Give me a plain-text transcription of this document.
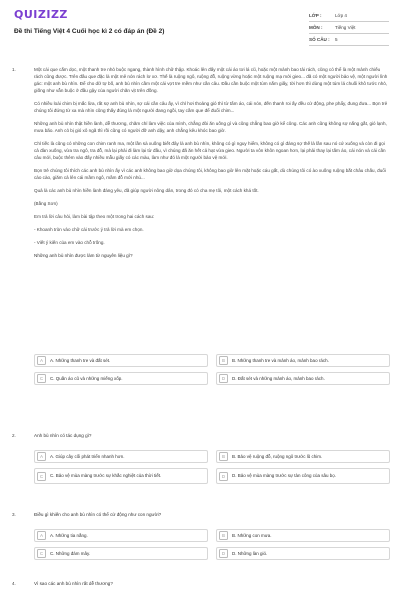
QUIZIZZ
Đề thi Tiếng Việt 4 Cuối học kì 2 có đáp án (Đề 2)
LỚP :	Lớp 4
MÔN :	Tiếng Việt
SỐ CÂU :	5
1.	Một cái que cắm dọc, một thanh tre nhỏ buộc ngang, thành hình chữ thập. Khoác lên đấy một cái áo tơi lá cũ, hoặc một mảnh bao tải rách, cũng có thể là một mảnh chiếu rách cũng được. Trên đầu que đặc là một mê nón rách lơ xơ. Thế là ruộng ngô, ruộng đỗ, ruộng vừng hoặc một ruộng mạ mới gieo... đã có một người bảo vệ, một người lính gác: một anh bù nhìn. Để cho dữ tợ bố, anh bù nhìn cầm một cái vợt tre mềm như cần câu. Đầu cần buộc một túm nắm giấy, tời hơn thì dùng một túm lá chuối khô tước nhỏ, giống như vẫn buộc ở đầu gậy của người chăn vịt trên đồng.

Có nhiều loài chim bị mắc lừa, rất sợ anh bù nhìn, sợ cái cần câu ấy, vì chỉ hơi thoảng gió thì từ tấm áo, cái nón, đến thanh roi ấy đều cử động, phe phẩy, đung đưa... Bọn trẻ chúng tôi đứng từ xa mà nhìn cũng thấy đúng là một người đang ngồi, tay cầm que để đuổi chim...

Những anh bù nhìn thật hiền lành, dễ thương, chăm chỉ làm việc của mình, chẳng đòi ăn uống gì và cũng chẳng bao giờ kể công. Các anh cũng không sợ nắng gắt, gió lạnh, mưa bão. Anh cỏ bị gió xô ngã thì rồi cũng có người đỡ anh dậy, anh chẳng kêu khóc bao giờ.

Chỉ tiếc là cũng có những con chim ranh ma, một lần sà xuống biết đây là anh bù nhìn, không có gì nguy hiểm, không có gì đáng sợ thế là lần sau nó cứ xuống và còn đi gọi cả đàn xuống, vừa tra ngô, tra đỗ, mà lại phải đi làm lại từ đầu, vì chúng đã ăn hết cả hạt vừa gieo. Người ta vôn khôn ngoan hơn, lại phải thay lại tấm áo, cái nón và cái cần câu mới, buộc thêm vào đấy nhiều mẫu giấy có các màu, làm như đó là một người bảo vệ mới.

Bọn trẻ chúng tôi thích các anh bù nhìn ấy vì các anh không bao giờ dọa chúng tôi, không bao giờ lên mặt hoặc cáu gắt, dù chúng tôi có ào xuống ruộng bắt châu chấu, đuổi cào cào, giăm cả lên cái mầm ngô, mầm đỗ mới nhú...

Quả là các anh bù nhìn hiền lành đáng yêu, đã giúp người nông dân, trong đó có cha mẹ tôi, một cách khá tốt.

(Bằng Sơn)

Em trả lời câu hỏi, làm bài tập theo một trong hai cách sau:

- Khoanh tròn vào chữ cái trước ý trả lời mà em chọn.

- Viết ý kiến của em vào chỗ trống.

Những anh bù nhìn được làm từ nguyên liệu gì?

A	A. Những thanh tre và đất sét.	B	B. Những thanh tre và mảnh áo, mảnh bao rách.
C	C. Quần áo cũ và những miếng xốp.	D	D. Đất sét và những mảnh áo, mảnh bao rách.
2.	Anh bù nhìn có tác dụng gì?

A	A. Giúp cây cối phát triển nhanh hơn.	B	B. Bảo vệ ruộng đỗ, ruộng ngô trước lũ chim.
C	C. Bảo vệ mùa màng trước sự khắc nghiệt của thời tiết.	D	D. Bảo vệ mùa màng trước sự tàn công của sâu bọ.
3.	Điều gì khiến cho anh bù nhìn có thể cử động như con người?

A	A. Những tia nắng.	B	B. Những con mưa.
C	C. Những đám mây.	D	D. Những làn gió.
4.	Vì sao các anh bù nhìn rất dễ thương?
